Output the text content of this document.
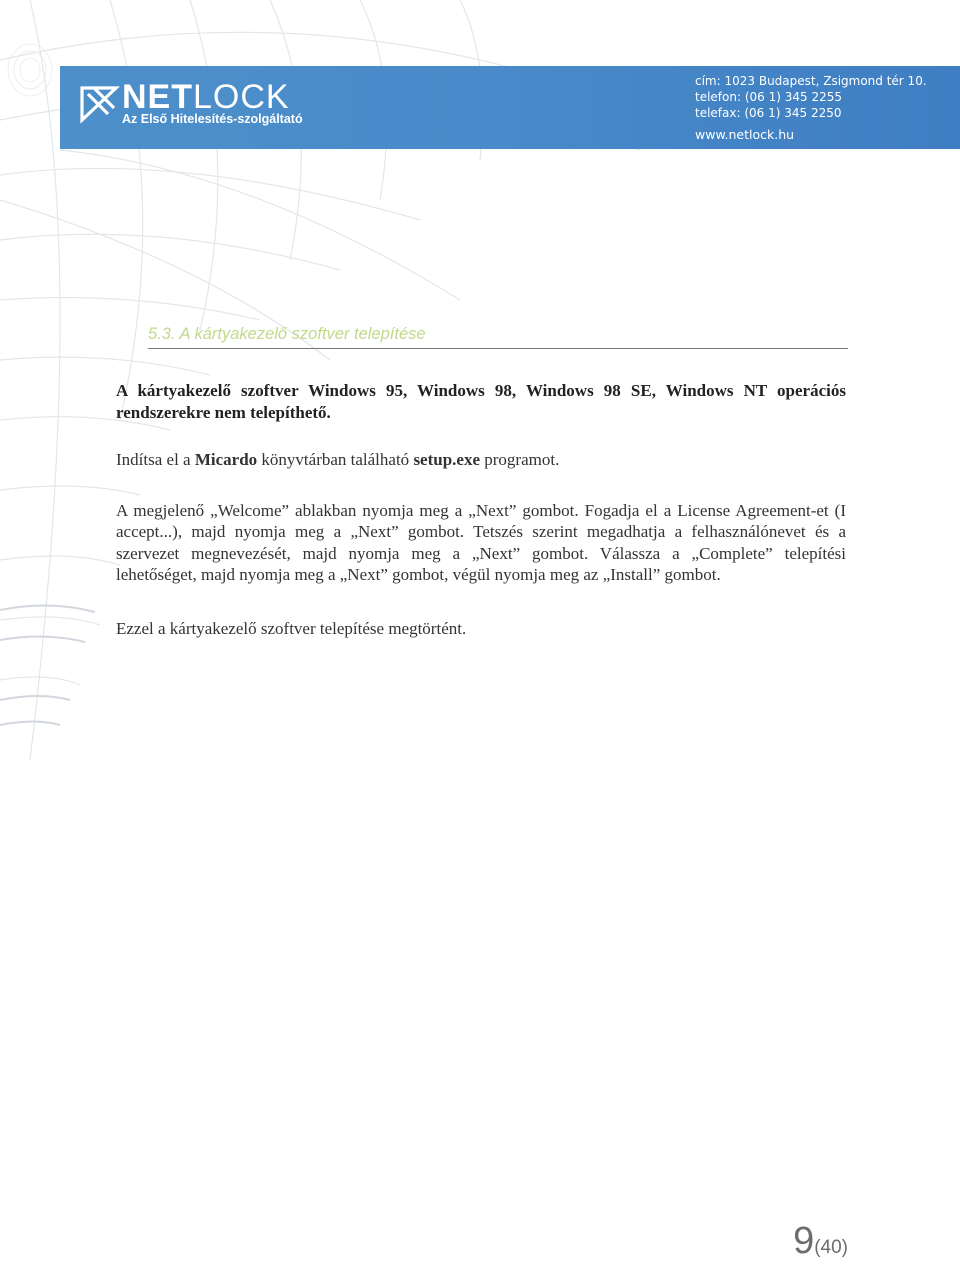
NETLOCK
Az Első Hitelesítés-szolgáltató
cím: 1023 Budapest, Zsigmond tér 10.
telefon: (06 1) 345 2255
telefax: (06 1) 345 2250
www.netlock.hu
5.3. A kártyakezelő szoftver telepítése

A kártyakezelő szoftver Windows 95, Windows 98, Windows 98 SE, Windows NT operációs rendszerekre nem telepíthető.

Indítsa el a Micardo könyvtárban található setup.exe programot.

A megjelenő „Welcome” ablakban nyomja meg a „Next” gombot. Fogadja el a License Agreement-et (I accept...), majd nyomja meg a „Next” gombot. Tetszés szerint megadhatja a felhasználónevet és a szervezet megnevezését, majd nyomja meg a „Next” gombot. Válassza a „Complete” telepítési lehetőséget, majd nyomja meg a „Next” gombot, végül nyomja meg az „Install” gombot.

Ezzel a kártyakezelő szoftver telepítése megtörtént.

9(40)
